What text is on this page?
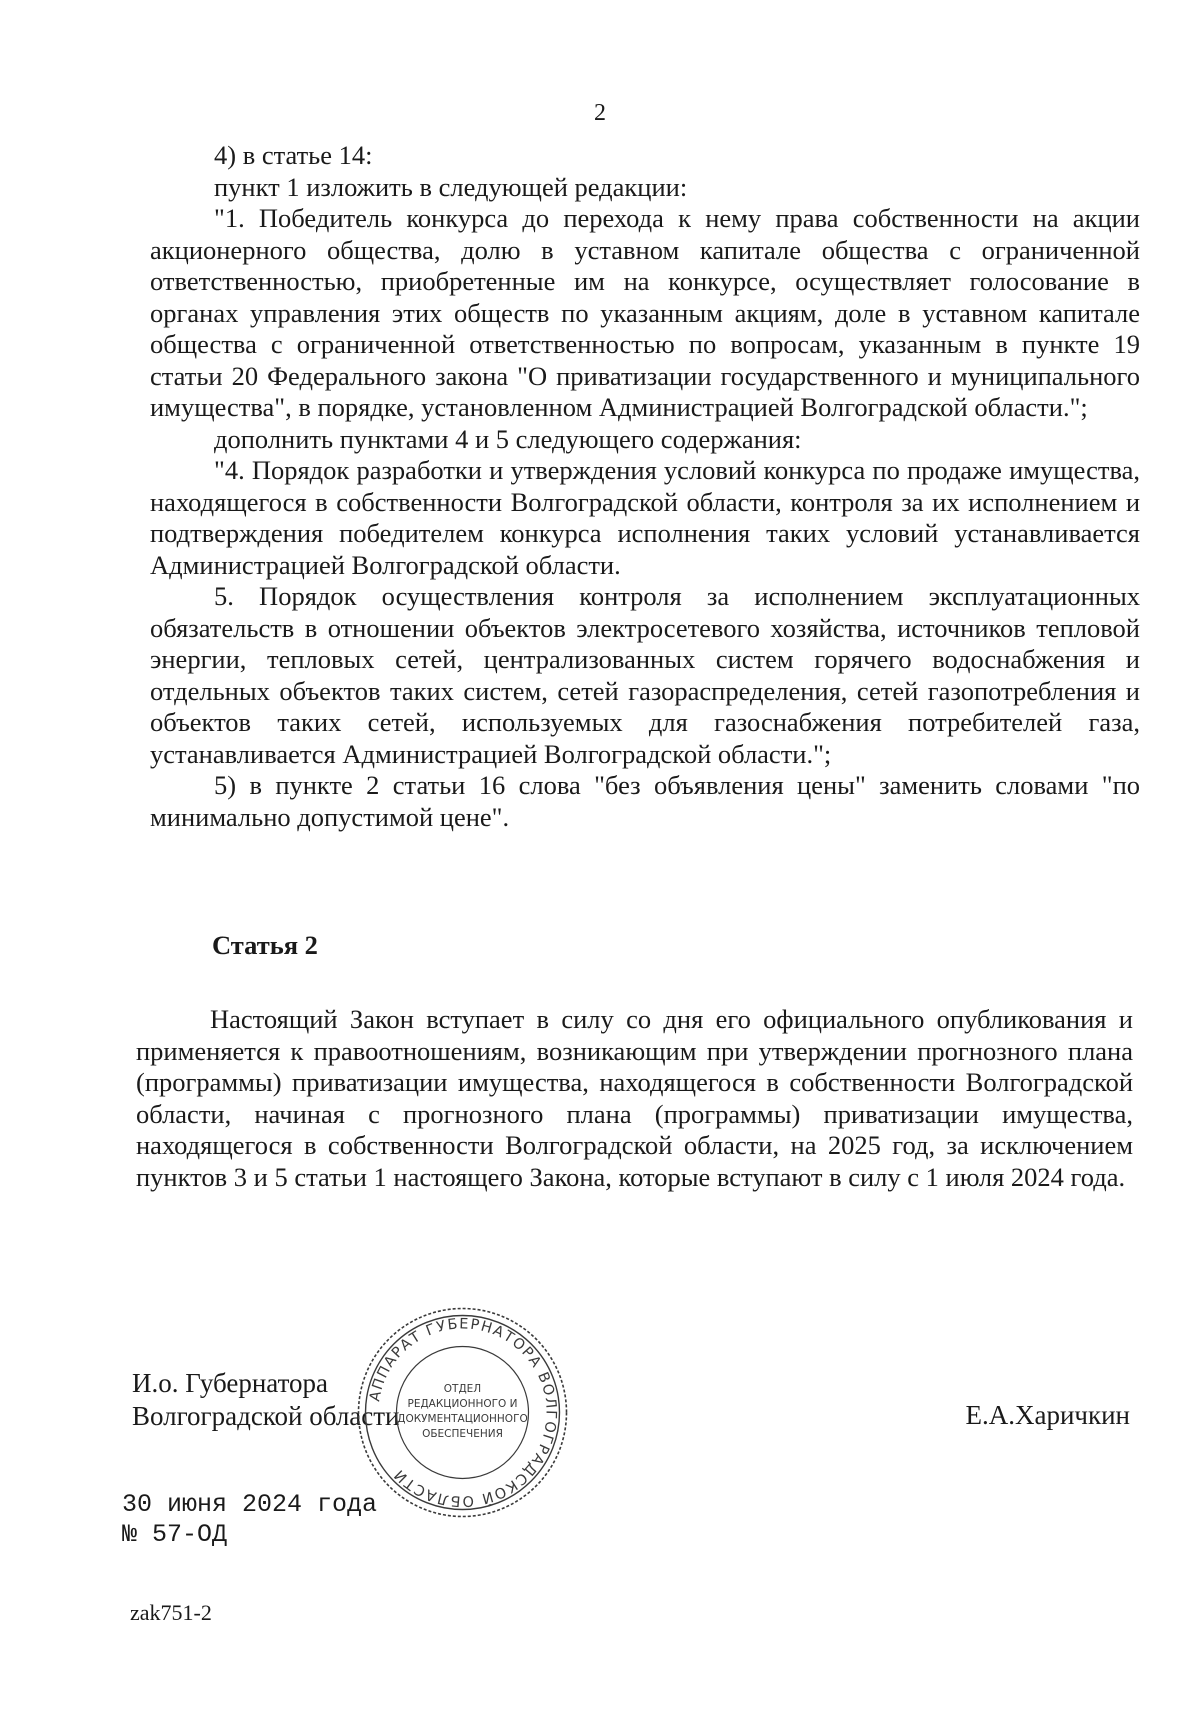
2

4) в статье 14:

пункт 1 изложить в следующей редакции:

"1. Победитель конкурса до перехода к нему права собственности на акции акционерного общества, долю в уставном капитале общества с ограниченной ответственностью, приобретенные им на конкурсе, осуществляет голосование в органах управления этих обществ по указанным акциям, доле в уставном капитале общества с ограниченной ответственностью по вопросам, указанным в пункте 19 статьи 20 Федерального закона "О приватизации государственного и муниципального имущества", в порядке, установленном Администрацией Волгоградской области.";

дополнить пунктами 4 и 5 следующего содержания:

"4. Порядок разработки и утверждения условий конкурса по продаже имущества, находящегося в собственности Волгоградской области, контроля за их исполнением и подтверждения победителем конкурса исполнения таких условий устанавливается Администрацией Волгоградской области.

5. Порядок осуществления контроля за исполнением эксплуатационных обязательств в отношении объектов электросетевого хозяйства, источников тепловой энергии, тепловых сетей, централизованных систем горячего водоснабжения и отдельных объектов таких систем, сетей газораспределения, сетей газопотребления и объектов таких сетей, используемых для газоснабжения потребителей газа, устанавливается Администрацией Волгоградской области.";

5) в пункте 2 статьи 16 слова "без объявления цены" заменить словами "по минимально допустимой цене".

Статья 2

Настоящий Закон вступает в силу со дня его официального опубликования и применяется к правоотношениям, возникающим при утверждении прогнозного плана (программы) приватизации имущества, находящегося в собственности Волгоградской области, начиная с прогнозного плана (программы) приватизации имущества, находящегося в собственности Волгоградской области, на 2025 год, за исключением пунктов 3 и 5 статьи 1 настоящего Закона, которые вступают в силу с 1 июля 2024 года.

И.о. Губернатора
Волгоградской области
АППАРАТ ГУБЕРНАТОРА ВОЛГОГРАДСКОЙ ОБЛАСТИ
ОТДЕЛ
РЕДАКЦИОННОГО И
ДОКУМЕНТАЦИОННОГО
ОБЕСПЕЧЕНИЯ
Е.А.Харичкин
30 июня 2024 года
№ 57-ОД
zak751-2
